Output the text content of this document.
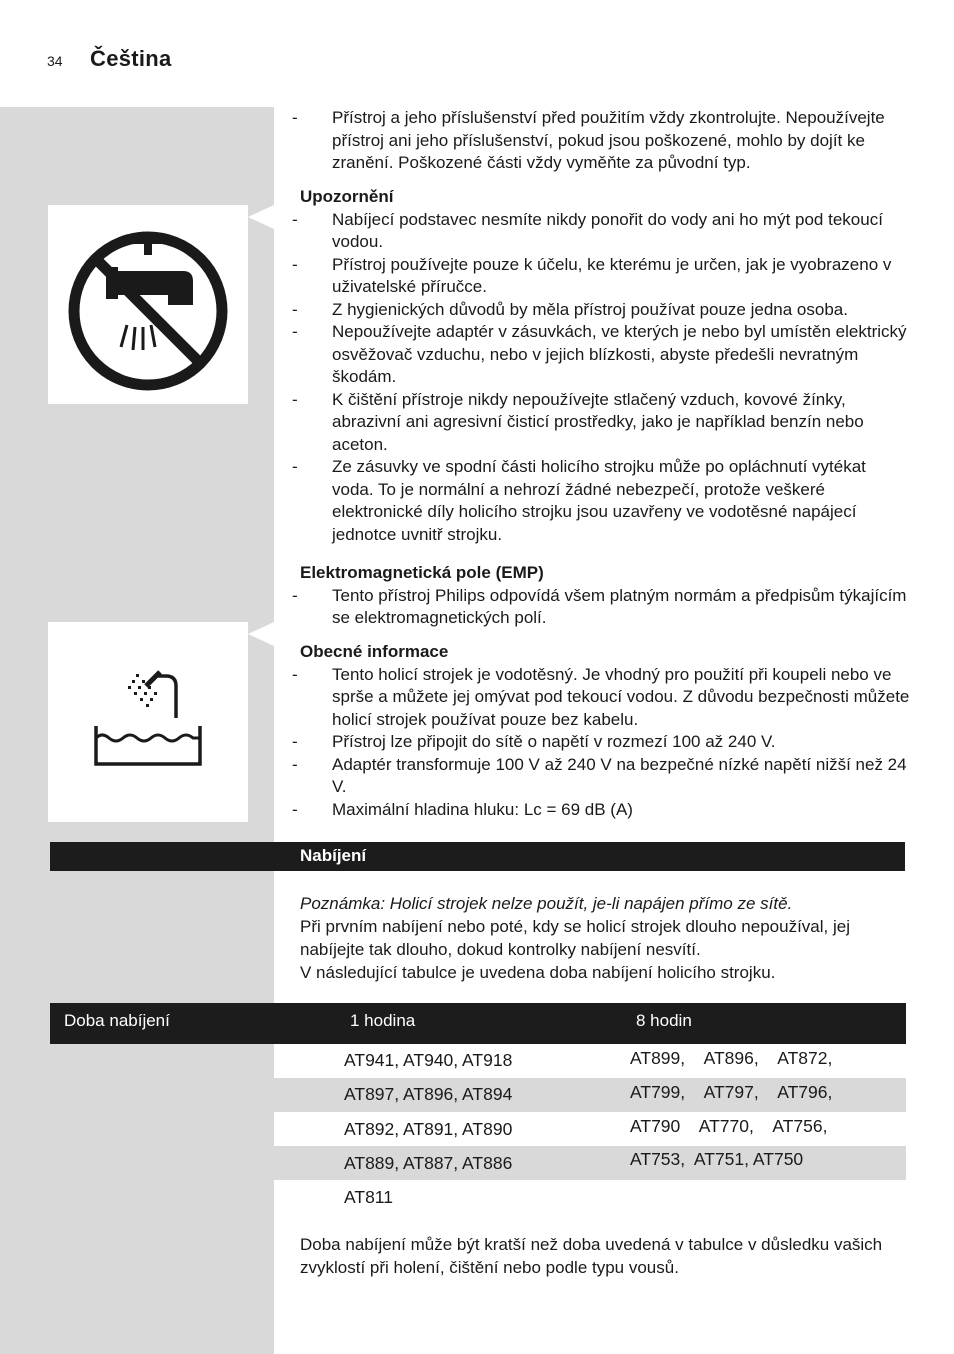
34 Čeština

- Přístroj a jeho příslušenství před použitím vždy zkontrolujte. Nepoužívejte přístroj ani jeho příslušenství, pokud jsou poškozené, mohlo by dojít ke zranění. Poškozené části vždy vyměňte za původní typ.

Upozornění

- Nabíjecí podstavec nesmíte nikdy ponořit do vody ani ho mýt pod tekoucí vodou.

- Přístroj používejte pouze k účelu, ke kterému je určen, jak je vyobrazeno v uživatelské příručce.

- Z hygienických důvodů by měla přístroj používat pouze jedna osoba.

- Nepoužívejte adaptér v zásuvkách, ve kterých je nebo byl umístěn elektrický osvěžovač vzduchu, nebo v jejich blízkosti, abyste předešli nevratným škodám.

- K čištění přístroje nikdy nepoužívejte stlačený vzduch, kovové žínky, abrazivní ani agresivní čisticí prostředky, jako je například benzín nebo aceton.

- Ze zásuvky ve spodní části holicího strojku může po opláchnutí vytékat voda. To je normální a nehrozí žádné nebezpečí, protože veškeré elektronické díly holicího strojku jsou uzavřeny ve vodotěsné napájecí jednotce uvnitř strojku.

Elektromagnetická pole (EMP)

- Tento přístroj Philips odpovídá všem platným normám a předpisům týkajícím se elektromagnetických polí.

Obecné informace

- Tento holicí strojek je vodotěsný. Je vhodný pro použití při koupeli nebo ve sprše a můžete jej omývat pod tekoucí vodou. Z důvodu bezpečnosti můžete holicí strojek používat pouze bez kabelu.

- Přístroj lze připojit do sítě o napětí v rozmezí 100 až 240 V.

- Adaptér transformuje 100 V až 240 V na bezpečné nízké napětí nižší než 24 V.

- Maximální hladina hluku: Lc = 69 dB (A)

Nabíjení

Poznámka: Holicí strojek nelze použít, je-li napájen přímo ze sítě.

Při prvním nabíjení nebo poté, kdy se holicí strojek dlouho nepoužíval, jej nabíjejte tak dlouho, dokud kontrolky nabíjení nesvítí.

V následující tabulce je uvedena doba nabíjení holicího strojku.

Doba nabíjení	1 hodina	8 hodin
AT941, AT940, AT918
AT897, AT896, AT894
AT892, AT891, AT890
AT889, AT887, AT886
AT811
AT899,    AT896,    AT872,
AT799,    AT797,    AT796,
AT790    AT770,    AT756,
AT753,  AT751, AT750

Doba nabíjení může být kratší než doba uvedená v tabulce v důsledku vašich zvyklostí při holení, čištění nebo podle typu vousů.
